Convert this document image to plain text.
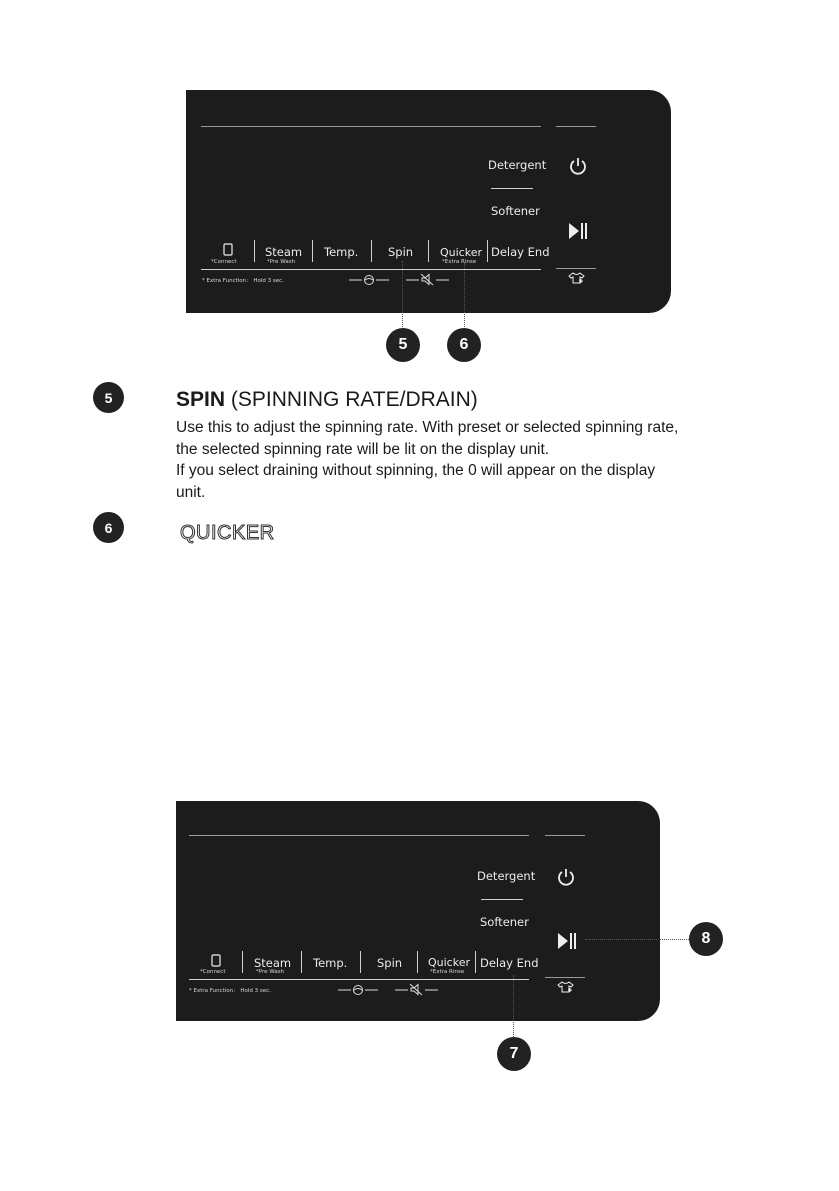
Detergent
Softener
*Connect
Steam
*Pre Wash
Temp.	Spin Quicker
*Extra Rinse
Delay End
* Extra Function： Hold 3 sec.
5	6
5	SPIN (SPINNING RATE/DRAIN)
Use this to adjust the spinning rate. With preset or selected spinning rate,
the selected spinning rate will be lit on the display unit.
If you select draining without spinning, the 0 will appear on the display
unit.
6	QUICKER
Detergent
Softener
*Connect
Steam
*Pre Wash
Temp.	Spin Quicker
*Extra Rinse
Delay End
* Extra Function： Hold 3 sec.
8
7
